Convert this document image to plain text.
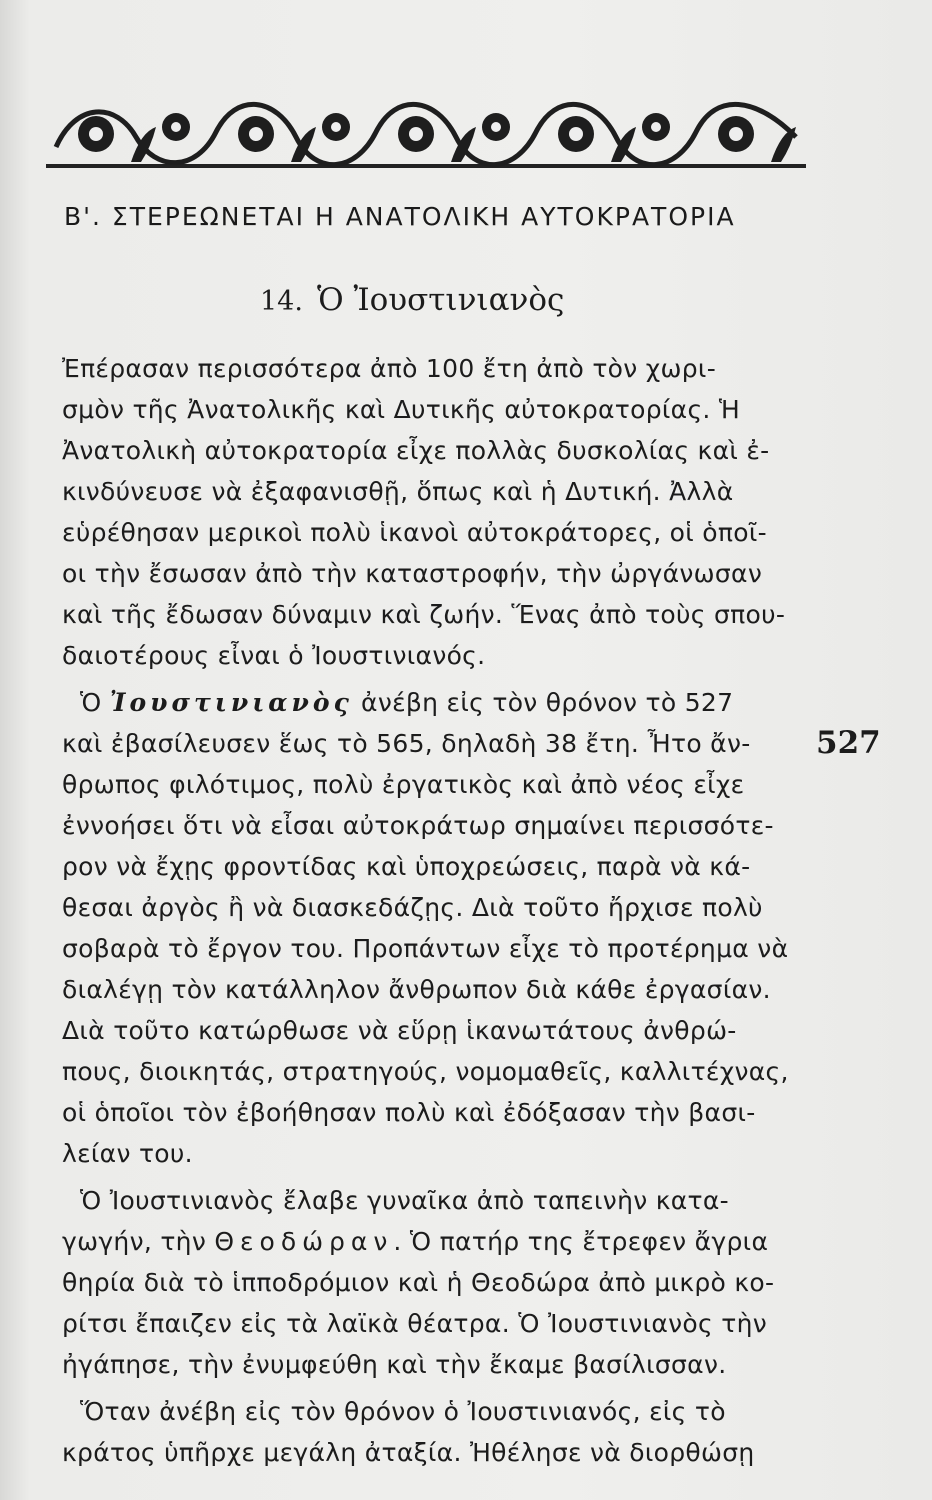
Β'. ΣΤΕΡΕΩΝΕΤΑΙ Η ΑΝΑΤΟΛΙΚΗ ΑΥΤΟΚΡΑΤΟΡΙΑ
14. Ὁ Ἰουστινιανὸς
Ἐπέρασαν περισσότερα ἀπὸ 100 ἔτη ἀπὸ τὸν χωρι-
σμὸν τῆς Ἀνατολικῆς καὶ Δυτικῆς αὐτοκρατορίας. Ἡ
Ἀνατολικὴ αὐτοκρατορία εἶχε πολλὰς δυσκολίας καὶ ἐ-
κινδύνευσε νὰ ἐξαφανισθῇ, ὅπως καὶ ἡ Δυτική. Ἀλλὰ
εὑρέθησαν μερικοὶ πολὺ ἱκανοὶ αὐτοκράτορες, οἱ ὁποῖ-
οι τὴν ἔσωσαν ἀπὸ τὴν καταστροφήν, τὴν ὠργάνωσαν
καὶ τῆς ἔδωσαν δύναμιν καὶ ζωήν. Ἕνας ἀπὸ τοὺς σπου-
δαιοτέρους εἶναι ὁ Ἰουστινιανός.
Ὁ Ἰουστινιανὸς ἀνέβη εἰς τὸν θρόνον τὸ 527
καὶ ἐβασίλευσεν ἕως τὸ 565, δηλαδὴ 38 ἔτη. Ἦτο ἄν-
θρωπος φιλότιμος, πολὺ ἐργατικὸς καὶ ἀπὸ νέος εἶχε
ἐννοήσει ὅτι νὰ εἶσαι αὐτοκράτωρ σημαίνει περισσότε-
ρον νὰ ἔχῃς φροντίδας καὶ ὑποχρεώσεις, παρὰ νὰ κά-
θεσαι ἀργὸς ἢ νὰ διασκεδάζῃς. Διὰ τοῦτο ἤρχισε πολὺ
σοβαρὰ τὸ ἔργον του. Προπάντων εἶχε τὸ προτέρημα νὰ
διαλέγῃ τὸν κατάλληλον ἄνθρωπον διὰ κάθε ἐργασίαν.
Διὰ τοῦτο κατώρθωσε νὰ εὕρῃ ἱκανωτάτους ἀνθρώ-
πους, διοικητάς, στρατηγούς, νομομαθεῖς, καλλιτέχνας,
οἱ ὁποῖοι τὸν ἐβοήθησαν πολὺ καὶ ἐδόξασαν τὴν βασι-
λείαν του.
527
Ὁ Ἰουστινιανὸς ἔλαβε γυναῖκα ἀπὸ ταπεινὴν κατα-
γωγήν, τὴν Θεοδώραν. Ὁ πατήρ της ἔτρεφεν ἄγρια
θηρία διὰ τὸ ἱπποδρόμιον καὶ ἡ Θεοδώρα ἀπὸ μικρὸ κο-
ρίτσι ἔπαιζεν εἰς τὰ λαϊκὰ θέατρα. Ὁ Ἰουστινιανὸς τὴν
ἠγάπησε, τὴν ἐνυμφεύθη καὶ τὴν ἔκαμε βασίλισσαν.
Ὅταν ἀνέβη εἰς τὸν θρόνον ὁ Ἰουστινιανός, εἰς τὸ
κράτος ὑπῆρχε μεγάλη ἀταξία. Ἠθέλησε νὰ διορθώσῃ
